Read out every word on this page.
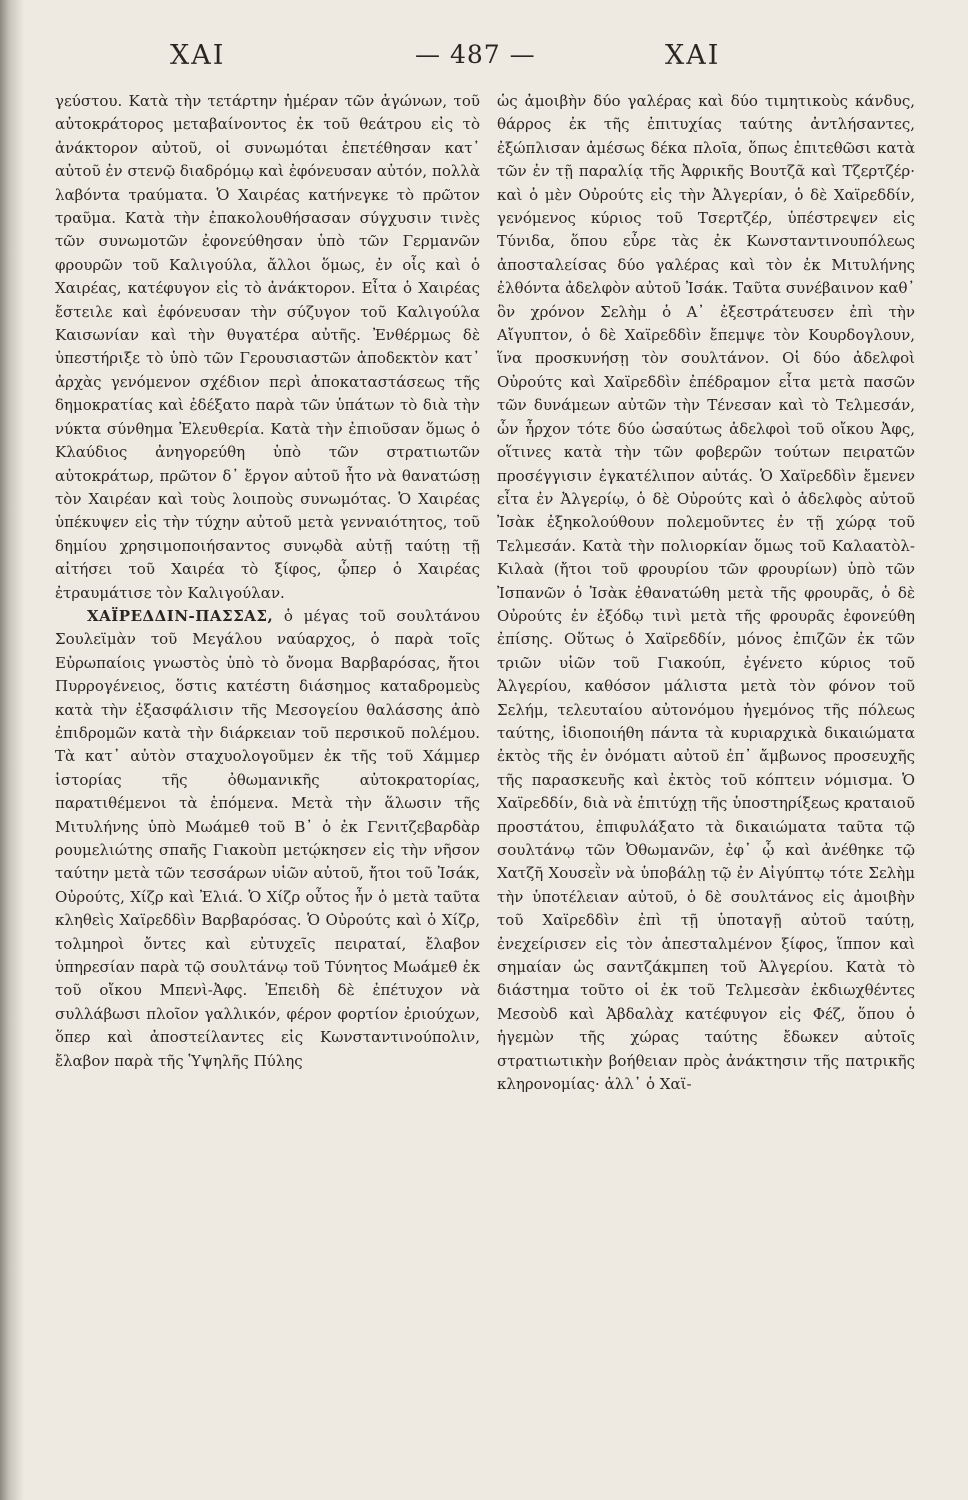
ΧΑΙ	— 487 —	ΧΑΙ

γεύστου. Κατὰ τὴν τετάρτην ἡμέραν τῶν ἀγώνων, τοῦ αὐτοκράτορος μεταβαίνοντος ἐκ τοῦ θεάτρου εἰς τὸ ἀνάκτορον αὐτοῦ, οἱ συνωμόται ἐπετέθησαν κατ᾽ αὐτοῦ ἐν στενῷ διαδρόμῳ καὶ ἐφόνευσαν αὐτόν, πολλὰ λαβόντα τραύματα. Ὁ Χαιρέας κατήνεγκε τὸ πρῶτον τραῦμα. Κατὰ τὴν ἐπακολουθήσασαν σύγχυσιν τινὲς τῶν συνωμοτῶν ἐφονεύθησαν ὑπὸ τῶν Γερμανῶν φρουρῶν τοῦ Καλιγούλα, ἄλλοι ὅμως, ἐν οἷς καὶ ὁ Χαιρέας, κατέφυγον εἰς τὸ ἀνάκτορον. Εἶτα ὁ Χαιρέας ἔστειλε καὶ ἐφόνευσαν τὴν σύζυγον τοῦ Καλιγούλα Καισωνίαν καὶ τὴν θυγατέρα αὐτῆς. Ἐνθέρμως δὲ ὑπεστήριξε τὸ ὑπὸ τῶν Γερουσιαστῶν ἀποδεκτὸν κατ᾽ ἀρχὰς γενόμενον σχέδιον περὶ ἀποκαταστάσεως τῆς δημοκρατίας καὶ ἐδέξατο παρὰ τῶν ὑπάτων τὸ διὰ τὴν νύκτα σύνθημα Ἐλευθερία. Κατὰ τὴν ἐπιοῦσαν ὅμως ὁ Κλαύδιος ἀνηγορεύθη ὑπὸ τῶν στρατιωτῶν αὐτοκράτωρ, πρῶτον δ᾽ ἔργον αὐτοῦ ἦτο νὰ θανατώσῃ τὸν Χαιρέαν καὶ τοὺς λοιποὺς συνωμότας. Ὁ Χαιρέας ὑπέκυψεν εἰς τὴν τύχην αὐτοῦ μετὰ γενναιότητος, τοῦ δημίου χρησιμοποιήσαντος συνῳδὰ αὐτῇ ταύτῃ τῇ αἰτήσει τοῦ Χαιρέα τὸ ξίφος, ᾧπερ ὁ Χαιρέας ἐτραυμάτισε τὸν Καλιγούλαν.

ΧΑΪΡΕΔΔΙΝ-ΠΑΣΣΑΣ, ὁ μέγας τοῦ σουλτάνου Σουλεϊμὰν τοῦ Μεγάλου ναύαρχος, ὁ παρὰ τοῖς Εὐρωπαίοις γνωστὸς ὑπὸ τὸ ὄνομα Βαρβαρόσας, ἤτοι Πυρρογένειος, ὅστις κατέστη διάσημος καταδρομεὺς κατὰ τὴν ἐξασφάλισιν τῆς Μεσογείου θαλάσσης ἀπὸ ἐπιδρομῶν κατὰ τὴν διάρκειαν τοῦ περσικοῦ πολέμου. Τὰ κατ᾽ αὐτὸν σταχυολογοῦμεν ἐκ τῆς τοῦ Χάμμερ ἱστορίας τῆς ὀθωμανικῆς αὐτοκρατορίας, παρατιθέμενοι τὰ ἑπόμενα. Μετὰ τὴν ἅλωσιν τῆς Μιτυλήνης ὑπὸ Μωάμεθ τοῦ Β᾽ ὁ ἐκ Γενιτζεβαρδὰρ ρουμελιώτης σπαῆς Γιακοὺπ μετῴκησεν εἰς τὴν νῆσον ταύτην μετὰ τῶν τεσσάρων υἱῶν αὐτοῦ, ἤτοι τοῦ Ἰσάκ, Οὐρούτς, Χίζρ καὶ Ἐλιά. Ὁ Χίζρ οὗτος ἦν ὁ μετὰ ταῦτα κληθεὶς Χαϊρεδδὶν Βαρβαρόσας. Ὁ Οὐρούτς καὶ ὁ Χίζρ, τολμηροὶ ὄντες καὶ εὐτυχεῖς πειραταί, ἔλαβον ὑπηρεσίαν παρὰ τῷ σουλτάνῳ τοῦ Τύνητος Μωάμεθ ἐκ τοῦ οἴκου Μπενὶ-Ἀφς. Ἐπειδὴ δὲ ἐπέτυχον νὰ συλλάβωσι πλοῖον γαλλικόν, φέρον φορτίον ἐριούχων, ὅπερ καὶ ἀποστείλαντες εἰς Κωνσταντινούπολιν, ἔλαβον παρὰ τῆς Ὑψηλῆς Πύλης

ὡς ἀμοιβὴν δύο γαλέρας καὶ δύο τιμητικοὺς κάνδυς, θάρρος ἐκ τῆς ἐπιτυχίας ταύτης ἀντλήσαντες, ἐξώπλισαν ἀμέσως δέκα πλοῖα, ὅπως ἐπιτεθῶσι κατὰ τῶν ἐν τῇ παραλίᾳ τῆς Ἀφρικῆς Βουτζᾶ καὶ Τζερτζέρ· καὶ ὁ μὲν Οὐρούτς εἰς τὴν Ἀλγερίαν, ὁ δὲ Χαϊρεδδίν, γενόμενος κύριος τοῦ Τσερτζέρ, ὑπέστρεψεν εἰς Τύνιδα, ὅπου εὗρε τὰς ἐκ Κωνσταντινουπόλεως ἀποσταλείσας δύο γαλέρας καὶ τὸν ἐκ Μιτυλήνης ἐλθόντα ἀδελφὸν αὐτοῦ Ἰσάκ. Ταῦτα συνέβαινον καθ᾽ ὃν χρόνον Σελὴμ ὁ Α᾽ ἐξεστράτευσεν ἐπὶ τὴν Αἴγυπτον, ὁ δὲ Χαϊρεδδὶν ἔπεμψε τὸν Κουρδογλουν, ἵνα προσκυνήσῃ τὸν σουλτάνον. Οἱ δύο ἀδελφοὶ Οὐρούτς καὶ Χαϊρεδδὶν ἐπέδραμον εἶτα μετὰ πασῶν τῶν δυνάμεων αὐτῶν τὴν Τένεσαν καὶ τὸ Τελμεσάν, ὧν ἦρχον τότε δύο ὡσαύτως ἀδελφοὶ τοῦ οἴκου Ἀφς, οἵτινες κατὰ τὴν τῶν φοβερῶν τούτων πειρατῶν προσέγγισιν ἐγκατέλιπον αὐτάς. Ὁ Χαϊρεδδὶν ἔμενεν εἶτα ἐν Ἀλγερίῳ, ὁ δὲ Οὐρούτς καὶ ὁ ἀδελφὸς αὐτοῦ Ἰσὰκ ἐξηκολούθουν πολεμοῦντες ἐν τῇ χώρᾳ τοῦ Τελμεσάν. Κατὰ τὴν πολιορκίαν ὅμως τοῦ Καλαατὸλ-Κιλαὰ (ἤτοι τοῦ φρουρίου τῶν φρουρίων) ὑπὸ τῶν Ἰσπανῶν ὁ Ἰσὰκ ἐθανατώθη μετὰ τῆς φρουρᾶς, ὁ δὲ Οὐρούτς ἐν ἐξόδῳ τινὶ μετὰ τῆς φρουρᾶς ἐφονεύθη ἐπίσης. Οὕτως ὁ Χαϊρεδδίν, μόνος ἐπιζῶν ἐκ τῶν τριῶν υἱῶν τοῦ Γιακούπ, ἐγένετο κύριος τοῦ Ἀλγερίου, καθόσον μάλιστα μετὰ τὸν φόνον τοῦ Σελήμ, τελευταίου αὐτονόμου ἡγεμόνος τῆς πόλεως ταύτης, ἰδιοποιήθη πάντα τὰ κυριαρχικὰ δικαιώματα ἐκτὸς τῆς ἐν ὀνόματι αὐτοῦ ἐπ᾽ ἄμβωνος προσευχῆς τῆς παρασκευῆς καὶ ἐκτὸς τοῦ κόπτειν νόμισμα. Ὁ Χαϊρεδδίν, διὰ νὰ ἐπιτύχῃ τῆς ὑποστηρίξεως κραταιοῦ προστάτου, ἐπιφυλάξατο τὰ δικαιώματα ταῦτα τῷ σουλτάνῳ τῶν Ὀθωμανῶν, ἐφ᾽ ᾧ καὶ ἀνέθηκε τῷ Χατζῆ Χουσεῒν νὰ ὑποβάλῃ τῷ ἐν Αἰγύπτῳ τότε Σελὴμ τὴν ὑποτέλειαν αὐτοῦ, ὁ δὲ σουλτάνος εἰς ἀμοιβὴν τοῦ Χαϊρεδδὶν ἐπὶ τῇ ὑποταγῇ αὐτοῦ ταύτῃ, ἐνεχείρισεν εἰς τὸν ἀπεσταλμένον ξίφος, ἵππον καὶ σημαίαν ὡς σαντζάκμπεη τοῦ Ἀλγερίου. Κατὰ τὸ διάστημα τοῦτο οἱ ἐκ τοῦ Τελμεσὰν ἐκδιωχθέντες Μεσοὺδ καὶ Ἀβδαλὰχ κατέφυγον εἰς Φέζ, ὅπου ὁ ἡγεμὼν τῆς χώρας ταύτης ἔδωκεν αὐτοῖς στρατιωτικὴν βοήθειαν πρὸς ἀνάκτησιν τῆς πατρικῆς κληρονομίας· ἀλλ᾽ ὁ Χαϊ-
